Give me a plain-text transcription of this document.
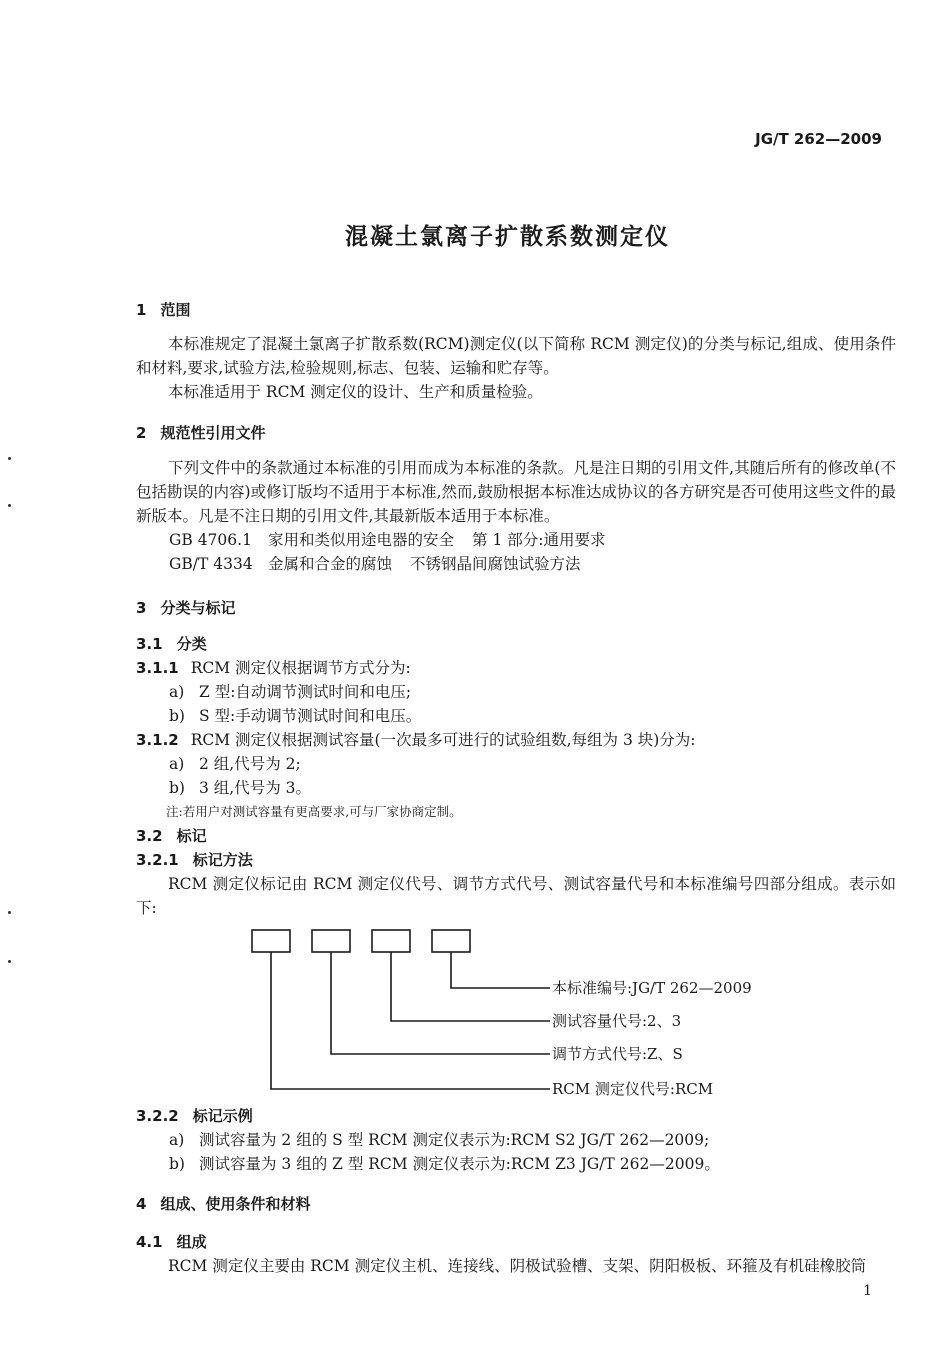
JG/T 262—2009
混凝土氯离子扩散系数测定仪
1 范围
本标准规定了混凝土氯离子扩散系数(RCM)测定仪(以下简称 RCM 测定仪)的分类与标记,组成、使用条件和材料,要求,试验方法,检验规则,标志、包装、运输和贮存等。
本标准适用于 RCM 测定仪的设计、生产和质量检验。
2 规范性引用文件
下列文件中的条款通过本标准的引用而成为本标准的条款。凡是注日期的引用文件,其随后所有的修改单(不包括勘误的内容)或修订版均不适用于本标准,然而,鼓励根据本标准达成协议的各方研究是否可使用这些文件的最新版本。凡是不注日期的引用文件,其最新版本适用于本标准。
GB 4706.1 家用和类似用途电器的安全 第 1 部分:通用要求
GB/T 4334 金属和合金的腐蚀 不锈钢晶间腐蚀试验方法
3 分类与标记
3.1 分类
3.1.1 RCM 测定仪根据调节方式分为:
a) Z 型:自动调节测试时间和电压;
b) S 型:手动调节测试时间和电压。
3.1.2 RCM 测定仪根据测试容量(一次最多可进行的试验组数,每组为 3 块)分为:
a) 2 组,代号为 2;
b) 3 组,代号为 3。
注:若用户对测试容量有更高要求,可与厂家协商定制。
3.2 标记
3.2.1 标记方法
RCM 测定仪标记由 RCM 测定仪代号、调节方式代号、测试容量代号和本标准编号四部分组成。表示如下:
本标准编号:JG/T 262—2009
测试容量代号:2、3
调节方式代号:Z、S
RCM 测定仪代号:RCM
3.2.2 标记示例
a) 测试容量为 2 组的 S 型 RCM 测定仪表示为:RCM S2 JG/T 262—2009;
b) 测试容量为 3 组的 Z 型 RCM 测定仪表示为:RCM Z3 JG/T 262—2009。
4 组成、使用条件和材料
4.1 组成
RCM 测定仪主要由 RCM 测定仪主机、连接线、阴极试验槽、支架、阴阳极板、环箍及有机硅橡胶筒
1
